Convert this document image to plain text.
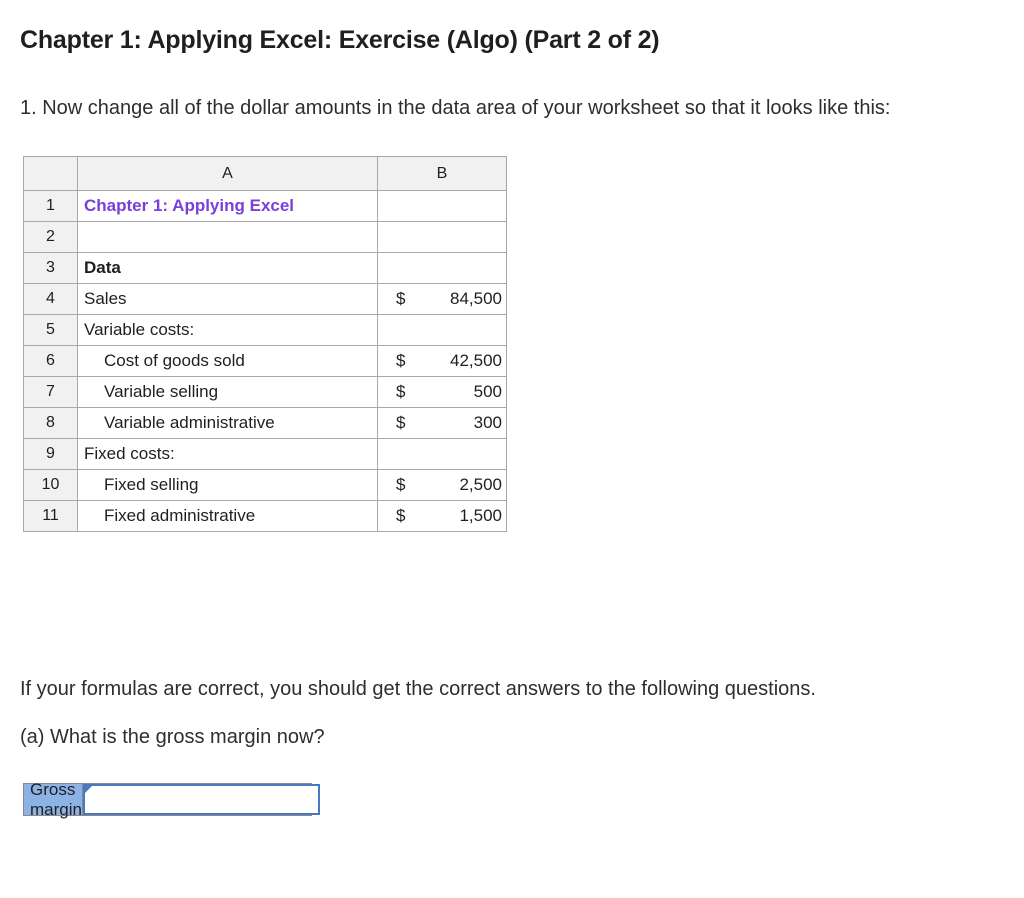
Chapter 1: Applying Excel: Exercise (Algo) (Part 2 of 2)

1. Now change all of the dollar amounts in the data area of your worksheet so that it looks like this:

	A	B
1	Chapter 1: Applying Excel	
2		
3	Data	
4	Sales	$ 84,500

5	Variable costs:	
6	Cost of goods sold	$ 42,500

7	Variable selling	$ 500

8	Variable administrative	$ 300

9	Fixed costs:	
10	Fixed selling	$ 2,500

11	Fixed administrative	$ 1,500

If your formulas are correct, you should get the correct answers to the following questions.

(a) What is the gross margin now?

Gross margin
